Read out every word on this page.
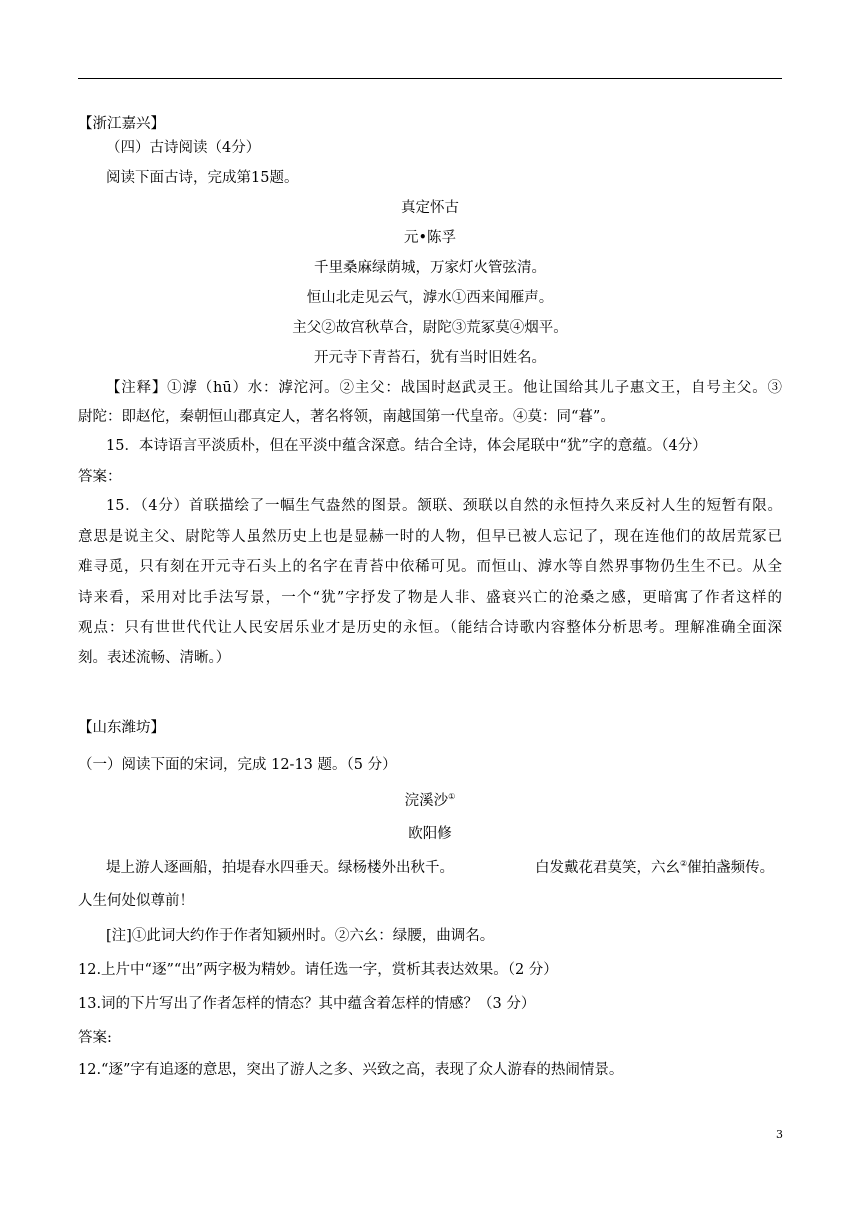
【浙江嘉兴】
（四）古诗阅读（4分）
阅读下面古诗，完成第15题。
真定怀古
元•陈孚
千里桑麻绿荫城，万家灯火管弦清。
恒山北走见云气，滹水①西来闻雁声。
主父②故宫秋草合，尉陀③荒冢莫④烟平。
开元寺下青苔石，犹有当时旧姓名。
【注释】①滹（hū）水：滹沱河。②主父：战国时赵武灵王。他让国给其儿子惠文王，自号主父。③
尉陀：即赵佗，秦朝恒山郡真定人，著名将领，南越国第一代皇帝。④莫：同“暮”。
15．本诗语言平淡质朴，但在平淡中蕴含深意。结合全诗，体会尾联中“犹”字的意蕴。（4分）
答案：
15．（4分）首联描绘了一幅生气盎然的图景。颔联、颈联以自然的永恒持久来反衬人生的短暂有限。
意思是说主父、尉陀等人虽然历史上也是显赫一时的人物，但早已被人忘记了，现在连他们的故居荒冢已
难寻觅，只有刻在开元寺石头上的名字在青苔中依稀可见。而恒山、滹水等自然界事物仍生生不已。从全
诗来看，采用对比手法写景，一个“犹”字抒发了物是人非、盛衰兴亡的沧桑之感，更暗寓了作者这样的
观点：只有世世代代让人民安居乐业才是历史的永恒。（能结合诗歌内容整体分析思考。理解准确全面深
刻。表述流畅、清晰。）
【山东潍坊】
（一）阅读下面的宋词，完成 12-13 题。（5 分）
浣溪沙①
欧阳修
堤上游人逐画船，拍堤春水四垂天。绿杨楼外出秋千。	白发戴花君莫笑，六幺②催拍盏频传。
人生何处似尊前！
[注]①此词大约作于作者知颍州时。②六幺：绿腰，曲调名。
12.上片中“逐”“出”两字极为精妙。请任选一字，赏析其表达效果。（2 分）
13.词的下片写出了作者怎样的情态？其中蕴含着怎样的情感？（3 分）
答案:
12.“逐”字有追逐的意思，突出了游人之多、兴致之高，表现了众人游春的热闹情景。
3
